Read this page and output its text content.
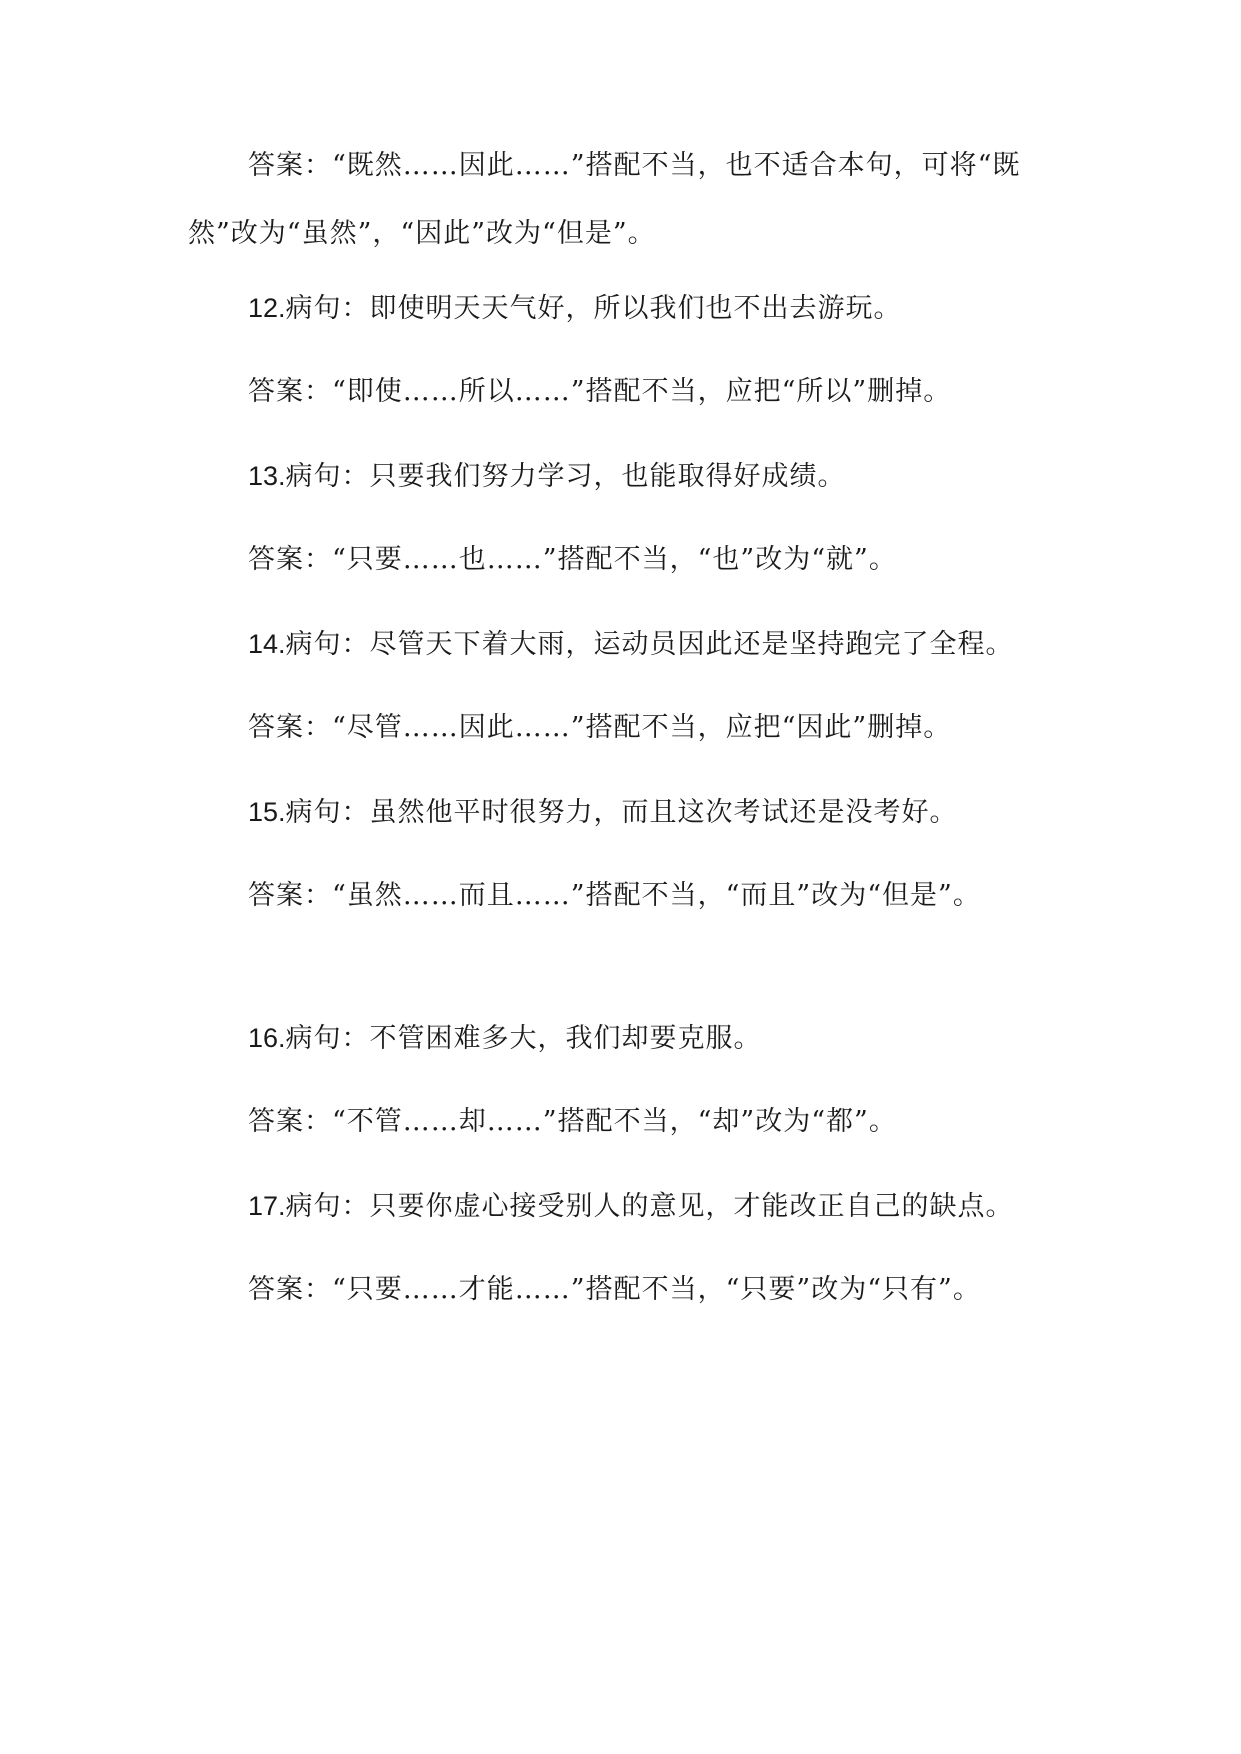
答案：“既然……因此……”搭配不当，也不适合本句，可将“既然”改为“虽然”，“因此”改为“但是”。

12.病句：即使明天天气好，所以我们也不出去游玩。

答案：“即使……所以……”搭配不当，应把“所以”删掉。

13.病句：只要我们努力学习，也能取得好成绩。

答案：“只要……也……”搭配不当，“也”改为“就”。

14.病句：尽管天下着大雨，运动员因此还是坚持跑完了全程。

答案：“尽管……因此……”搭配不当，应把“因此”删掉。

15.病句：虽然他平时很努力，而且这次考试还是没考好。

答案：“虽然……而且……”搭配不当，“而且”改为“但是”。

16.病句：不管困难多大，我们却要克服。

答案：“不管……却……”搭配不当，“却”改为“都”。

17.病句：只要你虚心接受别人的意见，才能改正自己的缺点。

答案：“只要……才能……”搭配不当，“只要”改为“只有”。
